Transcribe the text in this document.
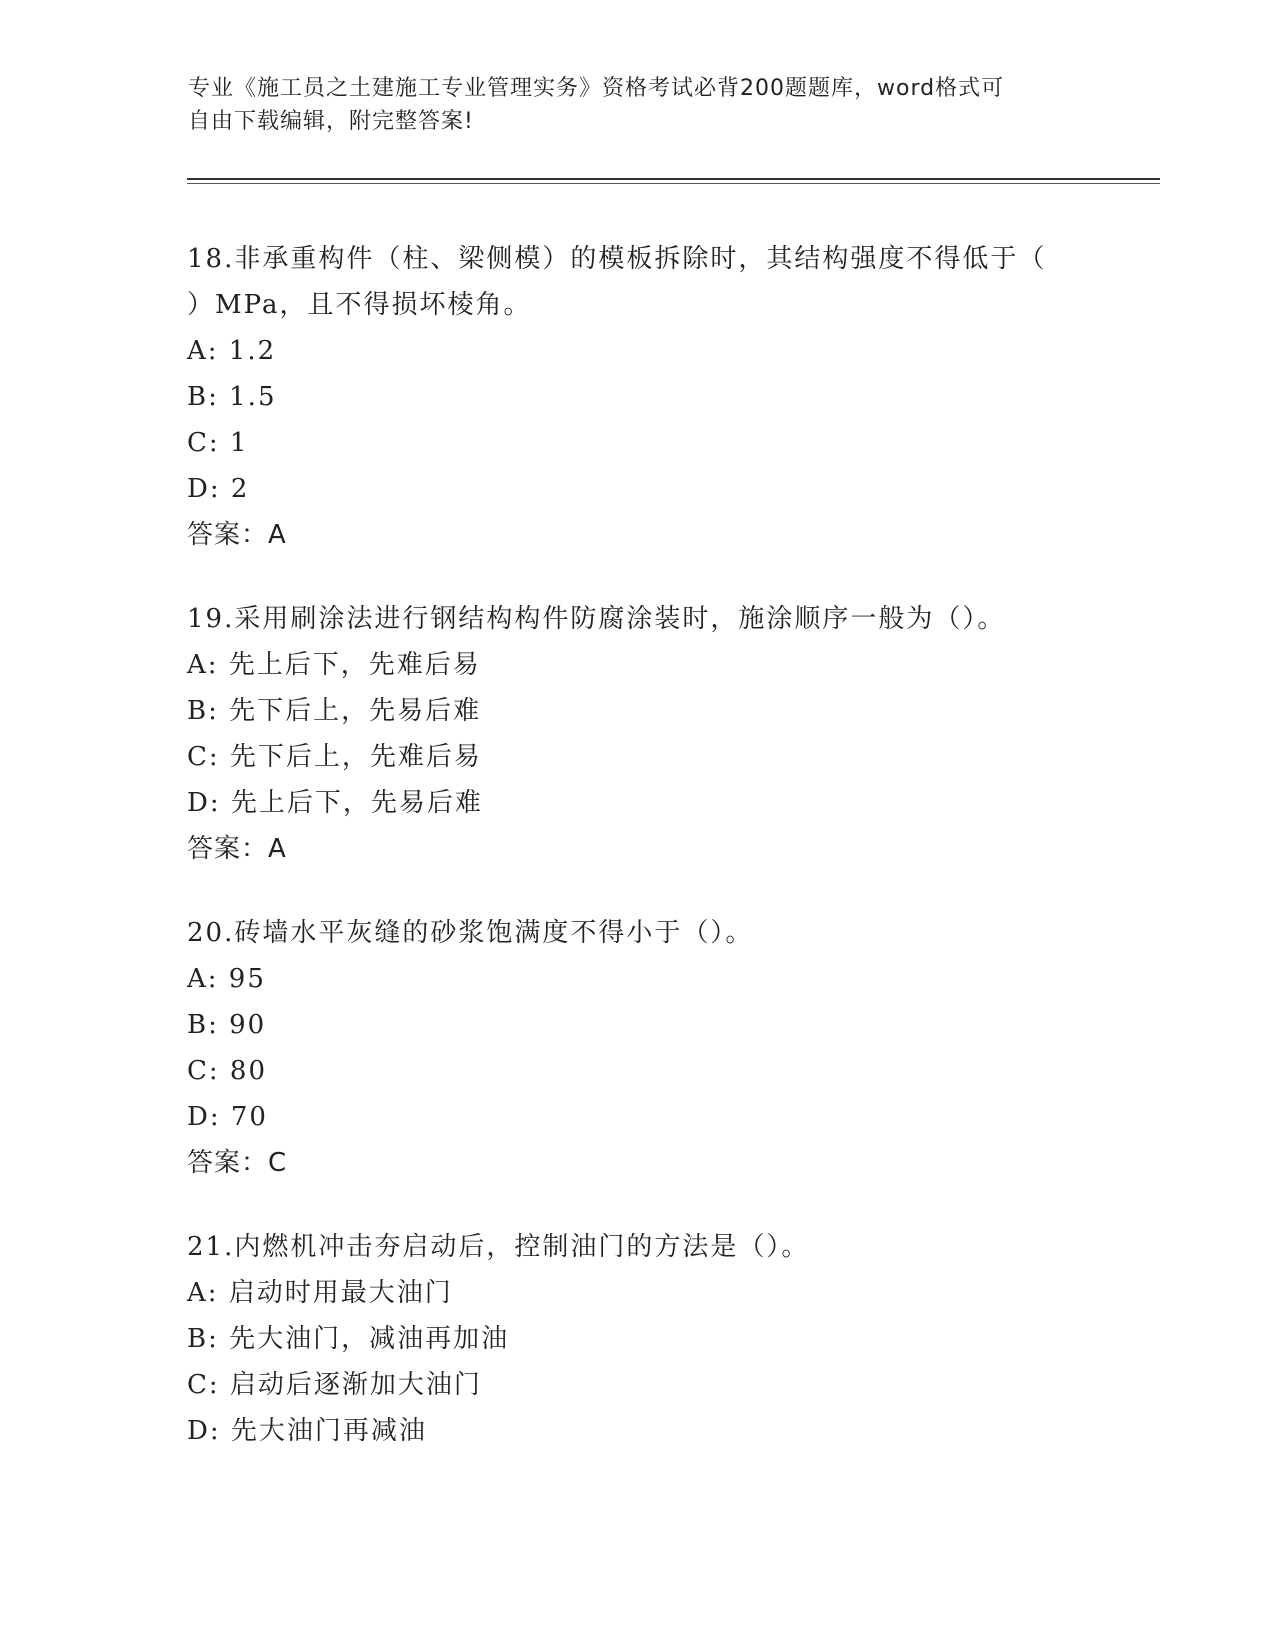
专业《施工员之土建施工专业管理实务》资格考试必背200题题库，word格式可
自由下载编辑，附完整答案!
18.非承重构件（柱、梁侧模）的模板拆除时，其结构强度不得低于（
）MPa，且不得损坏棱角。
A: 1.2
B: 1.5
C: 1
D: 2
答案：A
19.采用刷涂法进行钢结构构件防腐涂装时，施涂顺序一般为（）。
A: 先上后下，先难后易
B: 先下后上，先易后难
C: 先下后上，先难后易
D: 先上后下，先易后难
答案：A
20.砖墙水平灰缝的砂浆饱满度不得小于（）。
A: 95
B: 90
C: 80
D: 70
答案：C
21.内燃机冲击夯启动后，控制油门的方法是（）。
A: 启动时用最大油门
B: 先大油门，减油再加油
C: 启动后逐渐加大油门
D: 先大油门再减油
